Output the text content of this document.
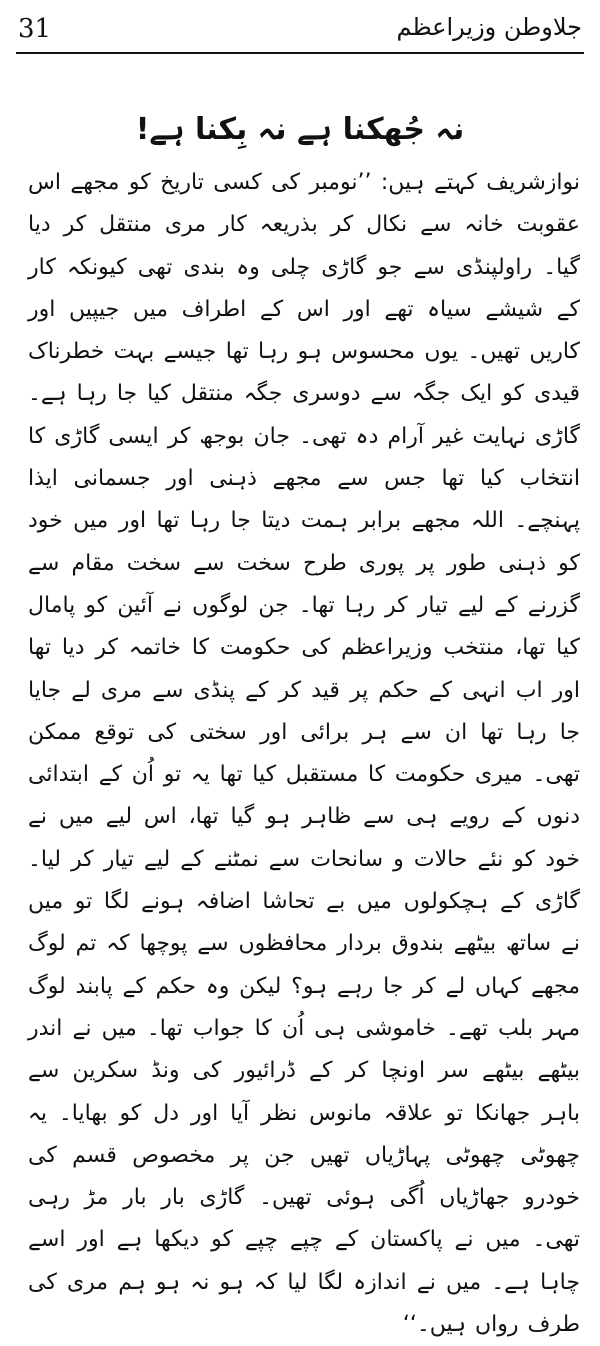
31	جلاوطن وزیراعظم
نہ جُھکنا ہے نہ بِکنا ہے!

نوازشریف کہتے ہیں: ’’نومبر کی کسی تاریخ کو مجھے اس عقوبت خانہ سے نکال کر بذریعہ کار مری منتقل کر دیا گیا۔ راولپنڈی سے جو گاڑی چلی وہ بندی تھی کیونکہ کار کے شیشے سیاہ تھے اور اس کے اطراف میں جیپیں اور کاریں تھیں۔ یوں محسوس ہو رہا تھا جیسے بہت خطرناک قیدی کو ایک جگہ سے دوسری جگہ منتقل کیا جا رہا ہے۔ گاڑی نہایت غیر آرام دہ تھی۔ جان بوجھ کر ایسی گاڑی کا انتخاب کیا تھا جس سے مجھے ذہنی اور جسمانی ایذا پہنچے۔ اللہ مجھے برابر ہمت دیتا جا رہا تھا اور میں خود کو ذہنی طور پر پوری طرح سخت سے سخت مقام سے گزرنے کے لیے تیار کر رہا تھا۔ جن لوگوں نے آئین کو پامال کیا تھا، منتخب وزیراعظم کی حکومت کا خاتمہ کر دیا تھا اور اب انہی کے حکم پر قید کر کے پنڈی سے مری لے جایا جا رہا تھا ان سے ہر برائی اور سختی کی توقع ممکن تھی۔ میری حکومت کا مستقبل کیا تھا یہ تو اُن کے ابتدائی دنوں کے رویے ہی سے ظاہر ہو گیا تھا، اس لیے میں نے خود کو نئے حالات و سانحات سے نمٹنے کے لیے تیار کر لیا۔ گاڑی کے ہچکولوں میں بے تحاشا اضافہ ہونے لگا تو میں نے ساتھ بیٹھے بندوق بردار محافظوں سے پوچھا کہ تم لوگ مجھے کہاں لے کر جا رہے ہو؟ لیکن وہ حکم کے پابند لوگ مہر بلب تھے۔ خاموشی ہی اُن کا جواب تھا۔ میں نے اندر بیٹھے بیٹھے سر اونچا کر کے ڈرائیور کی ونڈ سکرین سے باہر جھانکا تو علاقہ مانوس نظر آیا اور دل کو بھایا۔ یہ چھوٹی چھوٹی پہاڑیاں تھیں جن پر مخصوص قسم کی خودرو جھاڑیاں اُگی ہوئی تھیں۔ گاڑی بار بار مڑ رہی تھی۔ میں نے پاکستان کے چپے چپے کو دیکھا ہے اور اسے چاہا ہے۔ میں نے اندازہ لگا لیا کہ ہو نہ ہو ہم مری کی طرف رواں ہیں۔‘‘
